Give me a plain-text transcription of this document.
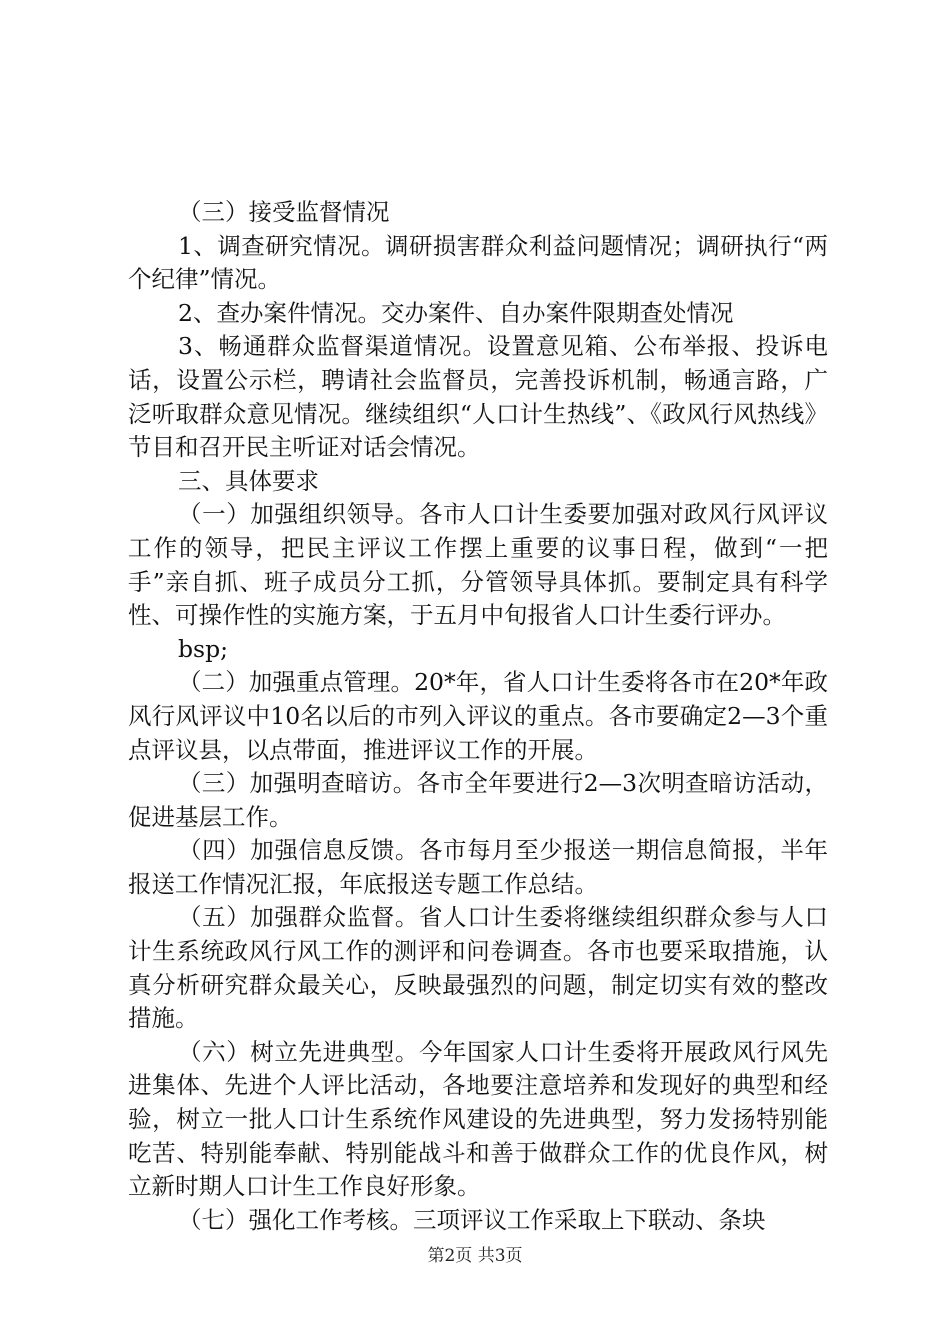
（三）接受监督情况

1、调查研究情况。调研损害群众利益问题情况；调研执行“两个纪律”情况。

2、查办案件情况。交办案件、自办案件限期查处情况

3、畅通群众监督渠道情况。设置意见箱、公布举报、投诉电话，设置公示栏，聘请社会监督员，完善投诉机制，畅通言路，广泛听取群众意见情况。继续组织“人口计生热线”、《政风行风热线》节目和召开民主听证对话会情况。

三、具体要求

（一）加强组织领导。各市人口计生委要加强对政风行风评议工作的领导，把民主评议工作摆上重要的议事日程，做到“一把手”亲自抓、班子成员分工抓，分管领导具体抓。要制定具有科学性、可操作性的实施方案，于五月中旬报省人口计生委行评办。

bsp;

（二）加强重点管理。20*年，省人口计生委将各市在20*年政风行风评议中10名以后的市列入评议的重点。各市要确定2—3个重点评议县，以点带面，推进评议工作的开展。

（三）加强明查暗访。各市全年要进行2—3次明查暗访活动，促进基层工作。

（四）加强信息反馈。各市每月至少报送一期信息简报，半年报送工作情况汇报，年底报送专题工作总结。

（五）加强群众监督。省人口计生委将继续组织群众参与人口计生系统政风行风工作的测评和问卷调查。各市也要采取措施，认真分析研究群众最关心，反映最强烈的问题，制定切实有效的整改措施。

（六）树立先进典型。今年国家人口计生委将开展政风行风先进集体、先进个人评比活动，各地要注意培养和发现好的典型和经验，树立一批人口计生系统作风建设的先进典型，努力发扬特别能吃苦、特别能奉献、特别能战斗和善于做群众工作的优良作风，树立新时期人口计生工作良好形象。

（七）强化工作考核。三项评议工作采取上下联动、条块

第2页 共3页
